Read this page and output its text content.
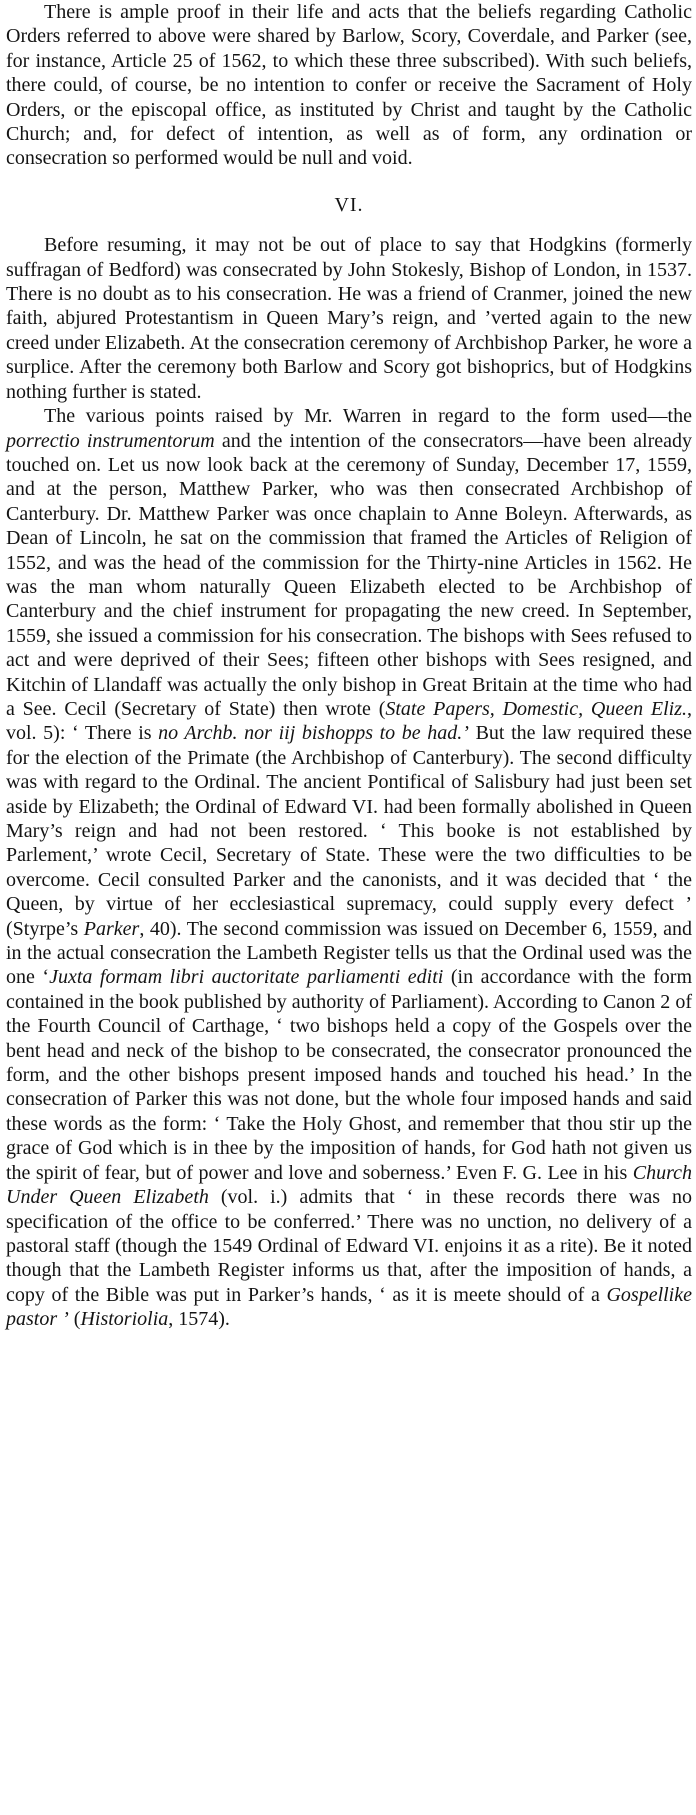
There is ample proof in their life and acts that the beliefs regarding Catholic Orders referred to above were shared by Barlow, Scory, Coverdale, and Parker (see, for instance, Article 25 of 1562, to which these three subscribed). With such beliefs, there could, of course, be no intention to confer or receive the Sacrament of Holy Orders, or the episcopal office, as instituted by Christ and taught by the Catholic Church; and, for defect of intention, as well as of form, any ordination or consecration so performed would be null and void.

VI.

Before resuming, it may not be out of place to say that Hodgkins (formerly suffragan of Bedford) was consecrated by John Stokesly, Bishop of London, in 1537. There is no doubt as to his consecration. He was a friend of Cranmer, joined the new faith, abjured Protestantism in Queen Mary’s reign, and ’verted again to the new creed under Elizabeth. At the consecration ceremony of Archbishop Parker, he wore a surplice. After the ceremony both Barlow and Scory got bishoprics, but of Hodgkins nothing further is stated.

The various points raised by Mr. Warren in regard to the form used—the porrectio instrumentorum and the intention of the consecrators—have been already touched on. Let us now look back at the ceremony of Sunday, December 17, 1559, and at the person, Matthew Parker, who was then consecrated Archbishop of Canterbury. Dr. Matthew Parker was once chaplain to Anne Boleyn. Afterwards, as Dean of Lincoln, he sat on the commission that framed the Articles of Religion of 1552, and was the head of the commission for the Thirty-nine Articles in 1562. He was the man whom naturally Queen Elizabeth elected to be Archbishop of Canterbury and the chief instrument for propagating the new creed. In September, 1559, she issued a commission for his consecration. The bishops with Sees refused to act and were deprived of their Sees; fifteen other bishops with Sees resigned, and Kitchin of Llandaff was actually the only bishop in Great Britain at the time who had a See. Cecil (Secretary of State) then wrote (State Papers, Domestic, Queen Eliz., vol. 5): ‘ There is no Archb. nor iij bishopps to be had.’ But the law required these for the election of the Primate (the Archbishop of Canterbury). The second difficulty was with regard to the Ordinal. The ancient Pontifical of Salisbury had just been set aside by Elizabeth; the Ordinal of Edward VI. had been formally abolished in Queen Mary’s reign and had not been restored. ‘ This booke is not established by Parlement,’ wrote Cecil, Secretary of State. These were the two difficulties to be overcome. Cecil consulted Parker and the canonists, and it was decided that ‘ the Queen, by virtue of her ecclesiastical supremacy, could supply every defect ’ (Styrpe’s Parker, 40). The second commission was issued on December 6, 1559, and in the actual consecration the Lambeth Register tells us that the Ordinal used was the one ‘Juxta formam libri auctoritate parliamenti editi (in accordance with the form contained in the book published by authority of Parliament). According to Canon 2 of the Fourth Council of Carthage, ‘ two bishops held a copy of the Gospels over the bent head and neck of the bishop to be consecrated, the consecrator pronounced the form, and the other bishops present imposed hands and touched his head.’ In the consecration of Parker this was not done, but the whole four imposed hands and said these words as the form: ‘ Take the Holy Ghost, and remember that thou stir up the grace of God which is in thee by the imposition of hands, for God hath not given us the spirit of fear, but of power and love and soberness.’ Even F. G. Lee in his Church Under Queen Elizabeth (vol. i.) admits that ‘ in these records there was no specification of the office to be conferred.’ There was no unction, no delivery of a pastoral staff (though the 1549 Ordinal of Edward VI. enjoins it as a rite). Be it noted though that the Lambeth Register informs us that, after the imposition of hands, a copy of the Bible was put in Parker’s hands, ‘ as it is meete should of a Gospellike pastor ’ (Historiolia, 1574).
